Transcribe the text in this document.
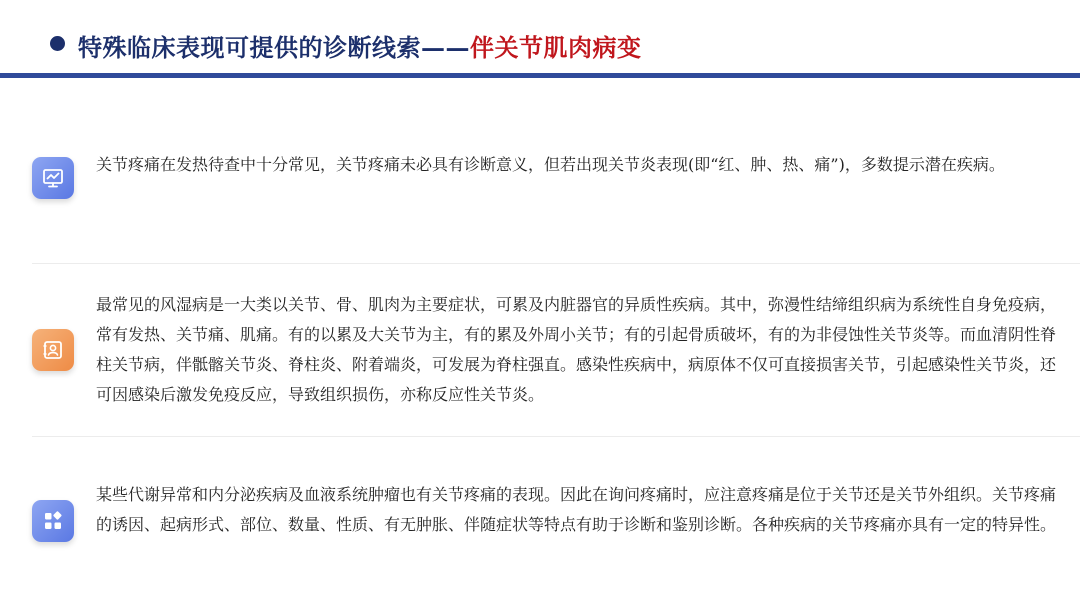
特殊临床表现可提供的诊断线索——伴关节肌肉病变

关节疼痛在发热待查中十分常见，关节疼痛未必具有诊断意义，但若出现关节炎表现(即“红、肿、热、痛”)，多数提示潜在疾病。

最常见的风湿病是一大类以关节、骨、肌肉为主要症状，可累及内脏器官的异质性疾病。其中，弥漫性结缔组织病为系统性自身免疫病，常有发热、关节痛、肌痛。有的以累及大关节为主，有的累及外周小关节；有的引起骨质破坏，有的为非侵蚀性关节炎等。而血清阴性脊柱关节病，伴骶髂关节炎、脊柱炎、附着端炎，可发展为脊柱强直。感染性疾病中，病原体不仅可直接损害关节，引起感染性关节炎，还可因感染后激发免疫反应，导致组织损伤，亦称反应性关节炎。

某些代谢异常和内分泌疾病及血液系统肿瘤也有关节疼痛的表现。因此在询问疼痛时，应注意疼痛是位于关节还是关节外组织。关节疼痛的诱因、起病形式、部位、数量、性质、有无肿胀、伴随症状等特点有助于诊断和鉴别诊断。各种疾病的关节疼痛亦具有一定的特异性。
